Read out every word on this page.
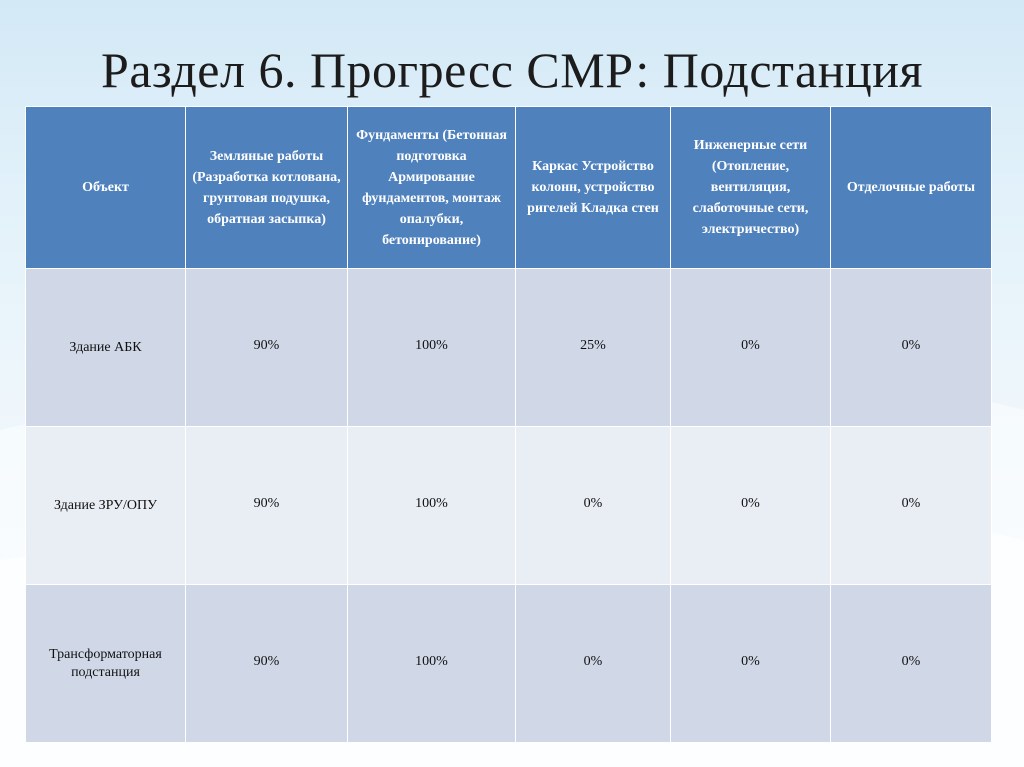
Раздел 6. Прогресс СМР: Подстанция
Объект	Земляные работы (Разработка котлована, грунтовая подушка, обратная засыпка)	Фундаменты (Бетонная подготовка Армирование фундаментов, монтаж опалубки, бетонирование)	Каркас Устройство колонн, устройство ригелей Кладка стен	Инженерные сети (Отопление, вентиляция, слаботочные сети, электричество)	Отделочные работы
Здание АБК	90%	100%	25%	0%	0%
Здание ЗРУ/ОПУ	90%	100%	0%	0%	0%
Трансформаторная подстанция	90%	100%	0%	0%	0%
